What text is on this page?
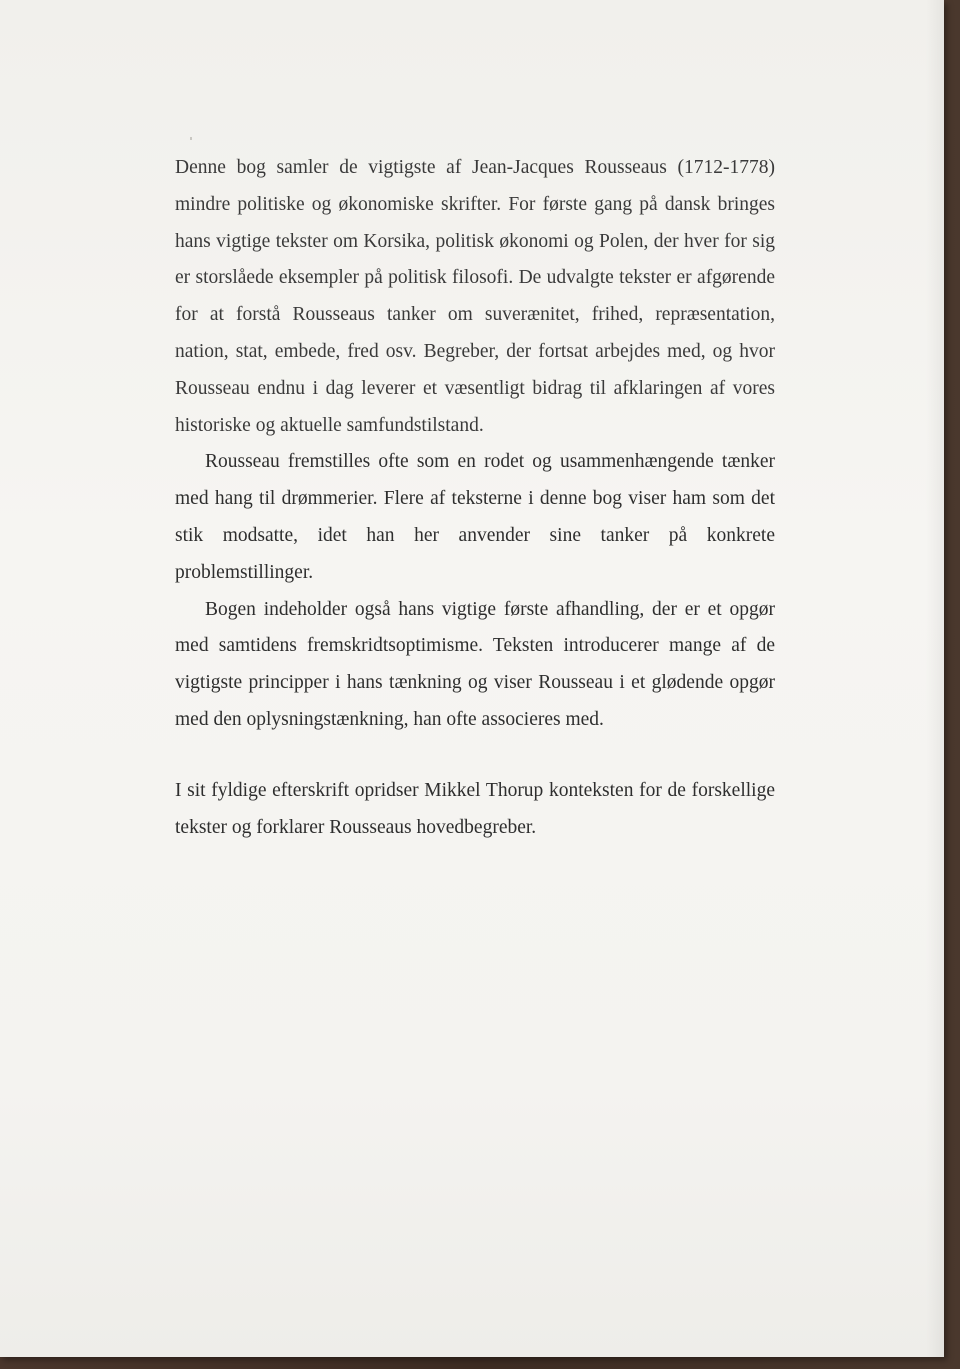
Denne bog samler de vigtigste af Jean-Jacques Rousseaus (1712-1778) mindre politiske og økonomiske skrifter. For første gang på dansk bringes hans vigtige tekster om Korsika, politisk økonomi og Polen, der hver for sig er storslåede eksempler på politisk filosofi. De udvalgte tekster er afgørende for at forstå Rousseaus tanker om suverænitet, frihed, repræsentation, nation, stat, embede, fred osv. Begreber, der fortsat arbejdes med, og hvor Rousseau endnu i dag leverer et væsentligt bidrag til afklaringen af vores historiske og aktuelle samfundstilstand.

Rousseau fremstilles ofte som en rodet og usammenhængende tænker med hang til drømmerier. Flere af teksterne i denne bog viser ham som det stik modsatte, idet han her anvender sine tanker på konkrete problemstillinger.

Bogen indeholder også hans vigtige første afhandling, der er et opgør med samtidens fremskridtsoptimisme. Teksten introducerer mange af de vigtigste principper i hans tænkning og viser Rousseau i et glødende opgør med den oplysningstænkning, han ofte associeres med.

I sit fyldige efterskrift opridser Mikkel Thorup konteksten for de forskellige tekster og forklarer Rousseaus hovedbegreber.
